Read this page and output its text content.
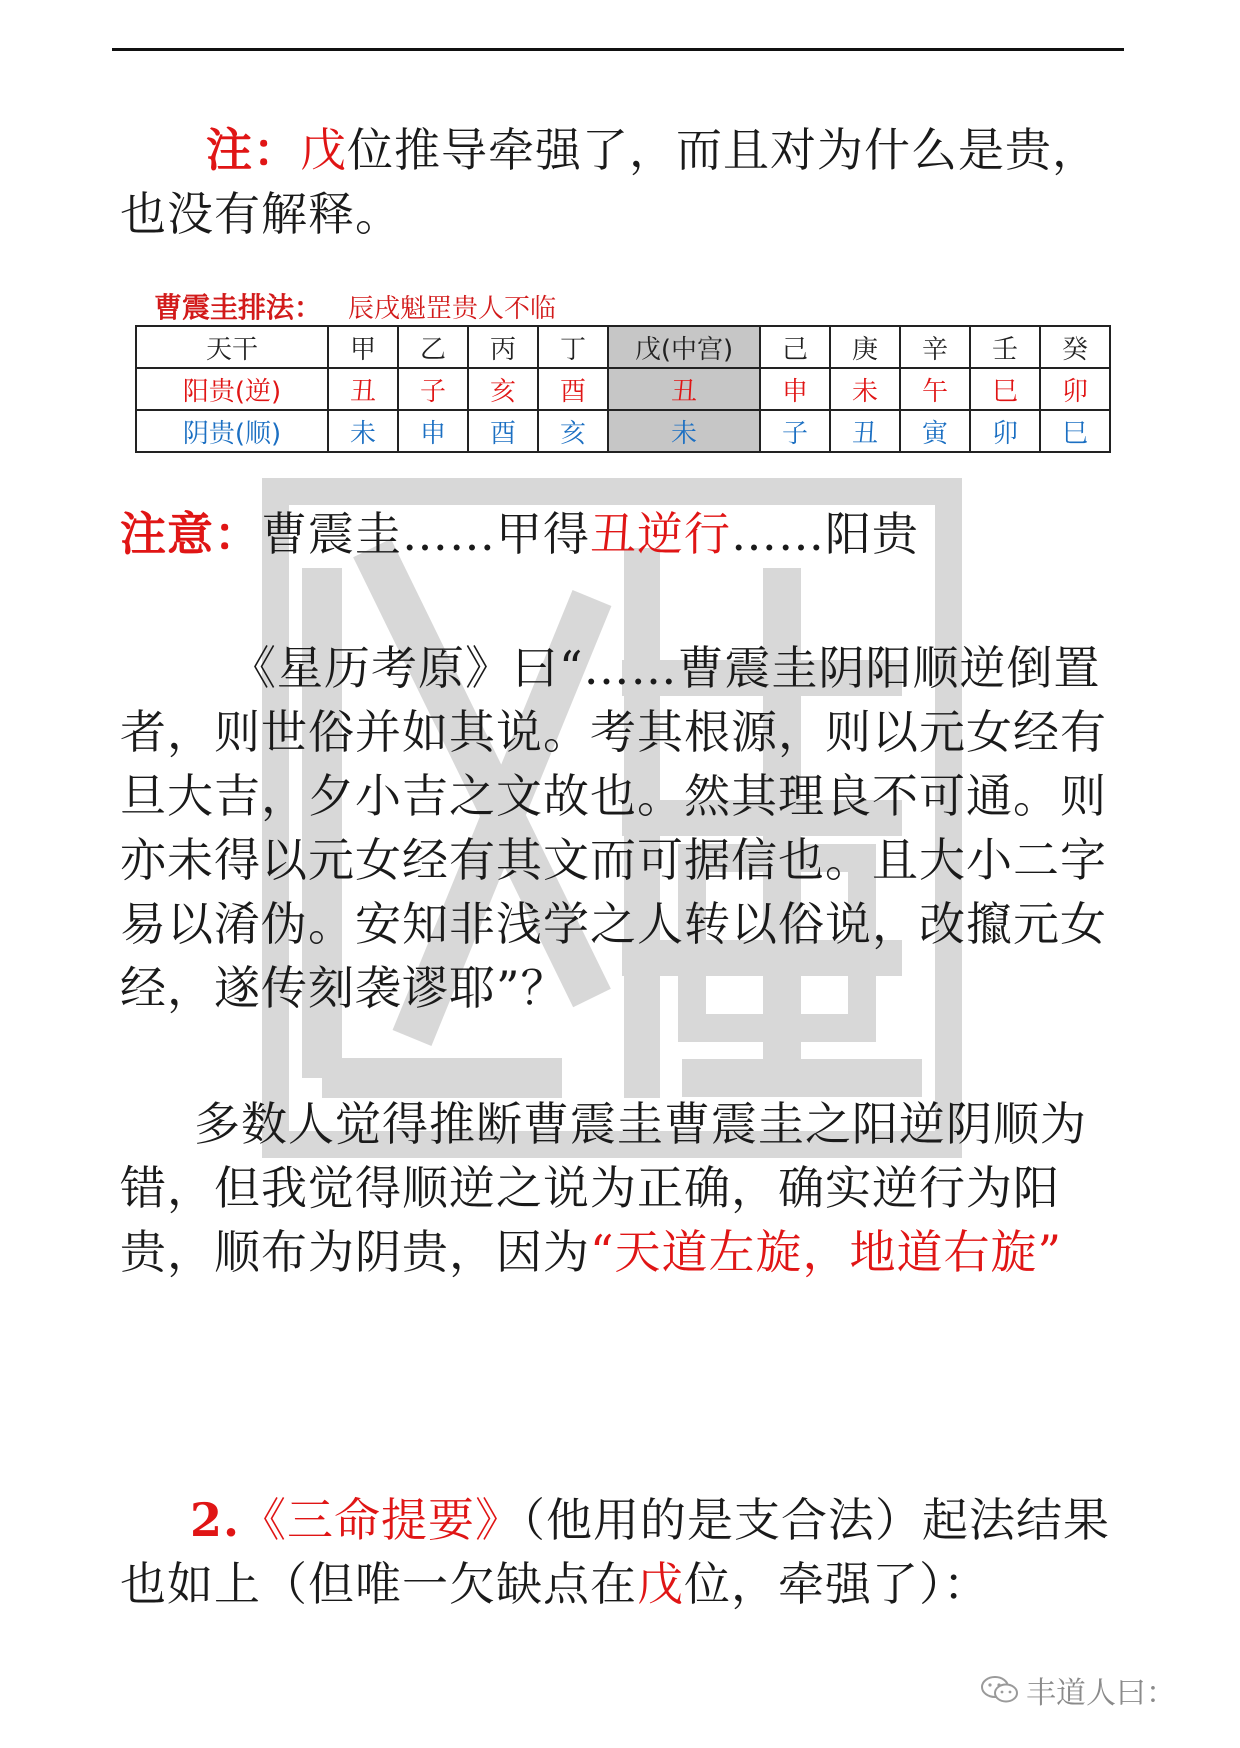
注：戊位推导牵强了，而且对为什么是贵，也没有解释。

曹震圭排法： 辰戌魁罡贵人不临
天干	甲	乙	丙	丁	戊(中宫)	己	庚	辛	壬	癸
阳贵(逆)	丑	子	亥	酉	丑	申	未	午	巳	卯
阴贵(顺)	未	申	酉	亥	未	子	丑	寅	卯	巳

注意：曹震圭……甲得丑逆行……阳贵

《星历考原》曰“……曹震圭阴阳顺逆倒置者，则世俗并如其说。考其根源，则以元女经有旦大吉，夕小吉之文故也。然其理良不可通。则亦未得以元女经有其文而可据信也。且大小二字易以淆伪。安知非浅学之人转以俗说，改攛元女经，遂传刻袭谬耶”？

多数人觉得推断曹震圭曹震圭之阳逆阴顺为错，但我觉得顺逆之说为正确，确实逆行为阳贵，顺布为阴贵，因为“天道左旋，地道右旋”

2.《三命提要》（他用的是支合法）起法结果也如上（但唯一欠缺点在戊位，牵强了）：

丰道人曰：
